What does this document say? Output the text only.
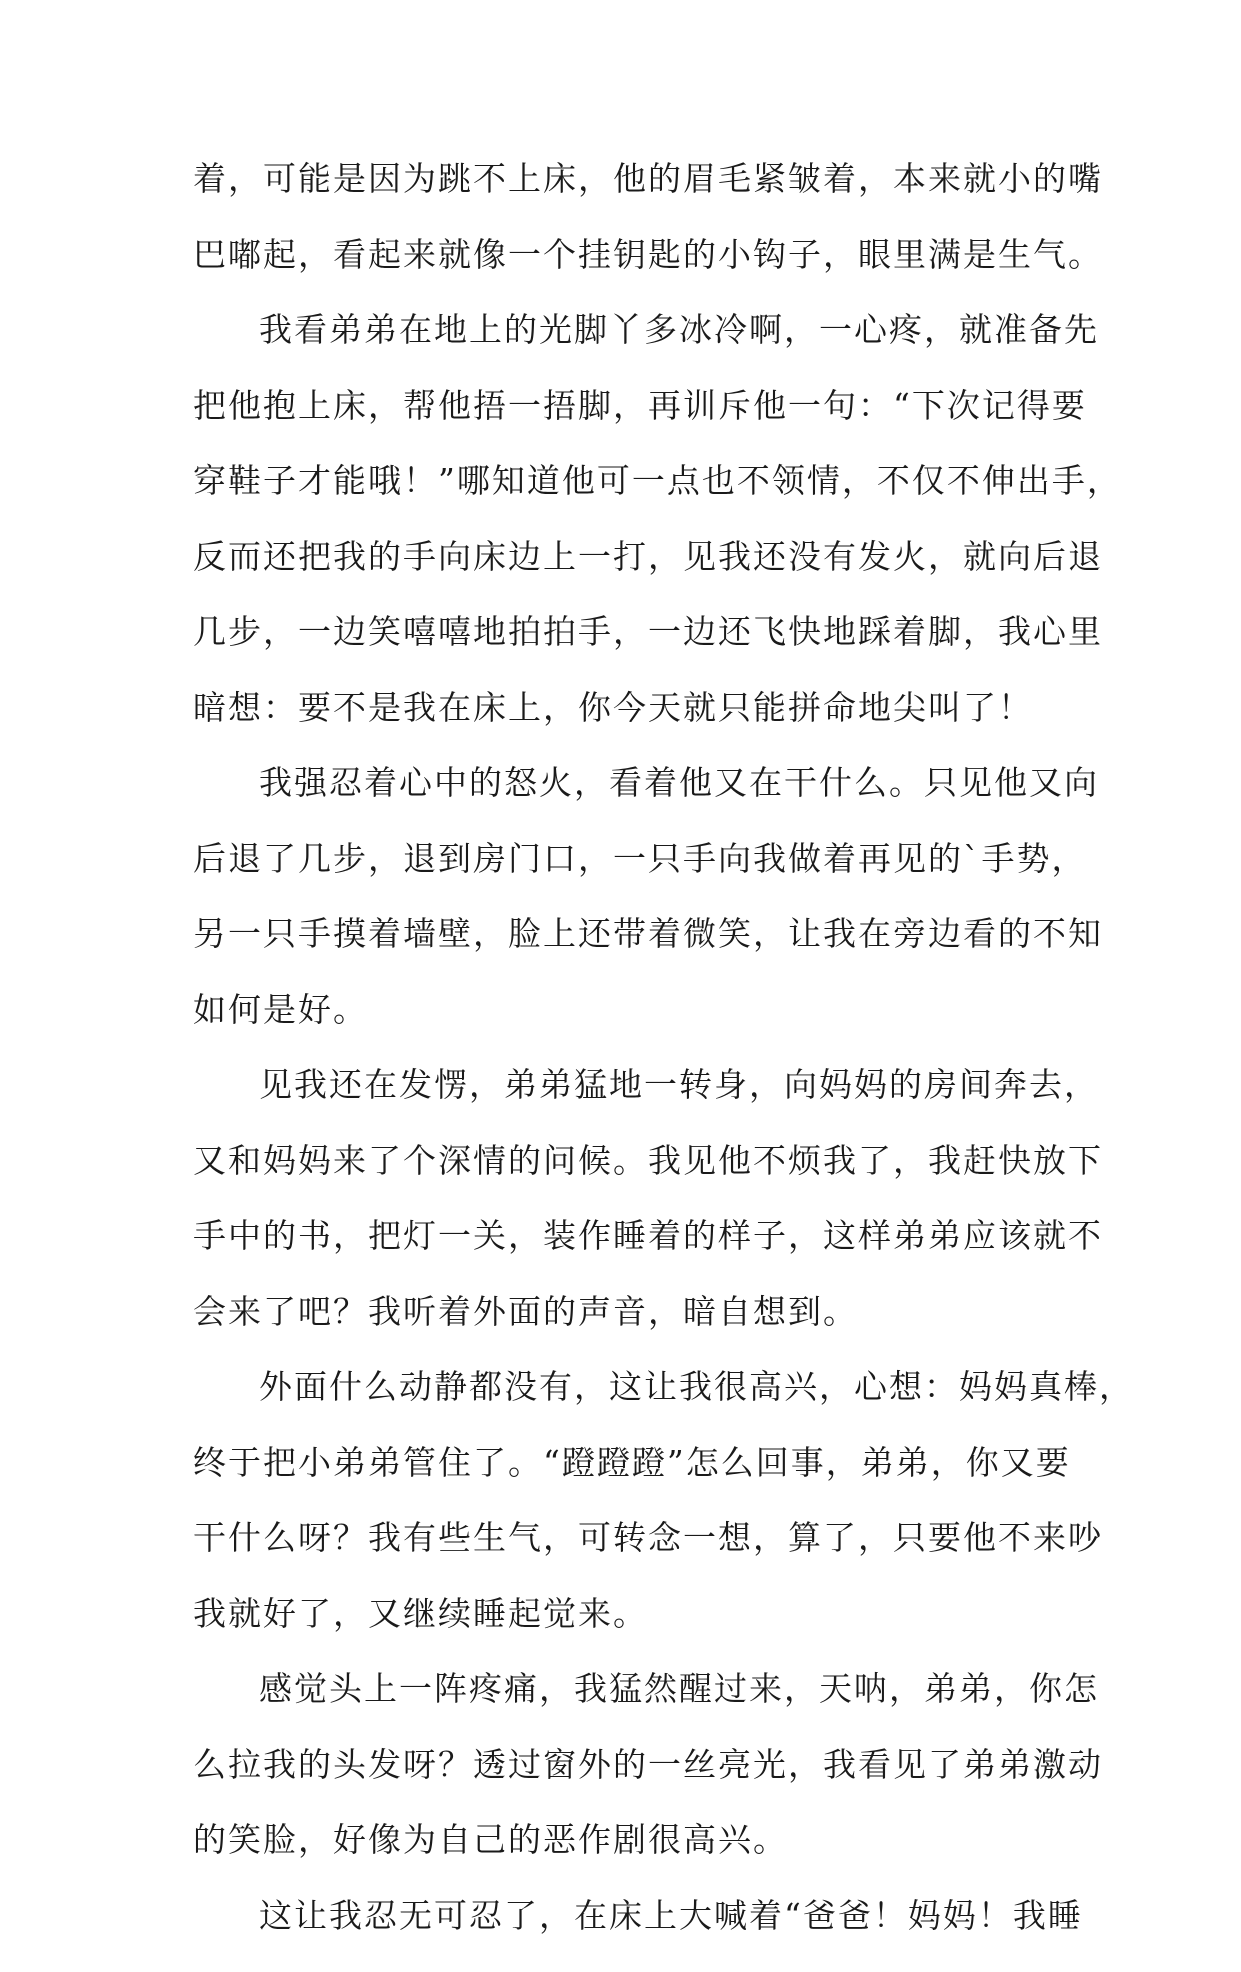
着，可能是因为跳不上床，他的眉毛紧皱着，本来就小的嘴
巴嘟起，看起来就像一个挂钥匙的小钩子，眼里满是生气。
我看弟弟在地上的光脚丫多冰冷啊，一心疼，就准备先
把他抱上床，帮他捂一捂脚，再训斥他一句：“下次记得要
穿鞋子才能哦！”哪知道他可一点也不领情，不仅不伸出手，
反而还把我的手向床边上一打，见我还没有发火，就向后退
几步，一边笑嘻嘻地拍拍手，一边还飞快地踩着脚，我心里
暗想：要不是我在床上，你今天就只能拼命地尖叫了！
我强忍着心中的怒火，看着他又在干什么。只见他又向
后退了几步，退到房门口，一只手向我做着再见的`手势，
另一只手摸着墙壁，脸上还带着微笑，让我在旁边看的不知
如何是好。
见我还在发愣，弟弟猛地一转身，向妈妈的房间奔去，
又和妈妈来了个深情的问候。我见他不烦我了，我赶快放下
手中的书，把灯一关，装作睡着的样子，这样弟弟应该就不
会来了吧？我听着外面的声音，暗自想到。
外面什么动静都没有，这让我很高兴，心想：妈妈真棒，
终于把小弟弟管住了。“蹬蹬蹬”怎么回事，弟弟，你又要
干什么呀？我有些生气，可转念一想，算了，只要他不来吵
我就好了，又继续睡起觉来。
感觉头上一阵疼痛，我猛然醒过来，天呐，弟弟，你怎
么拉我的头发呀？透过窗外的一丝亮光，我看见了弟弟激动
的笑脸，好像为自己的恶作剧很高兴。
这让我忍无可忍了，在床上大喊着“爸爸！妈妈！我睡
